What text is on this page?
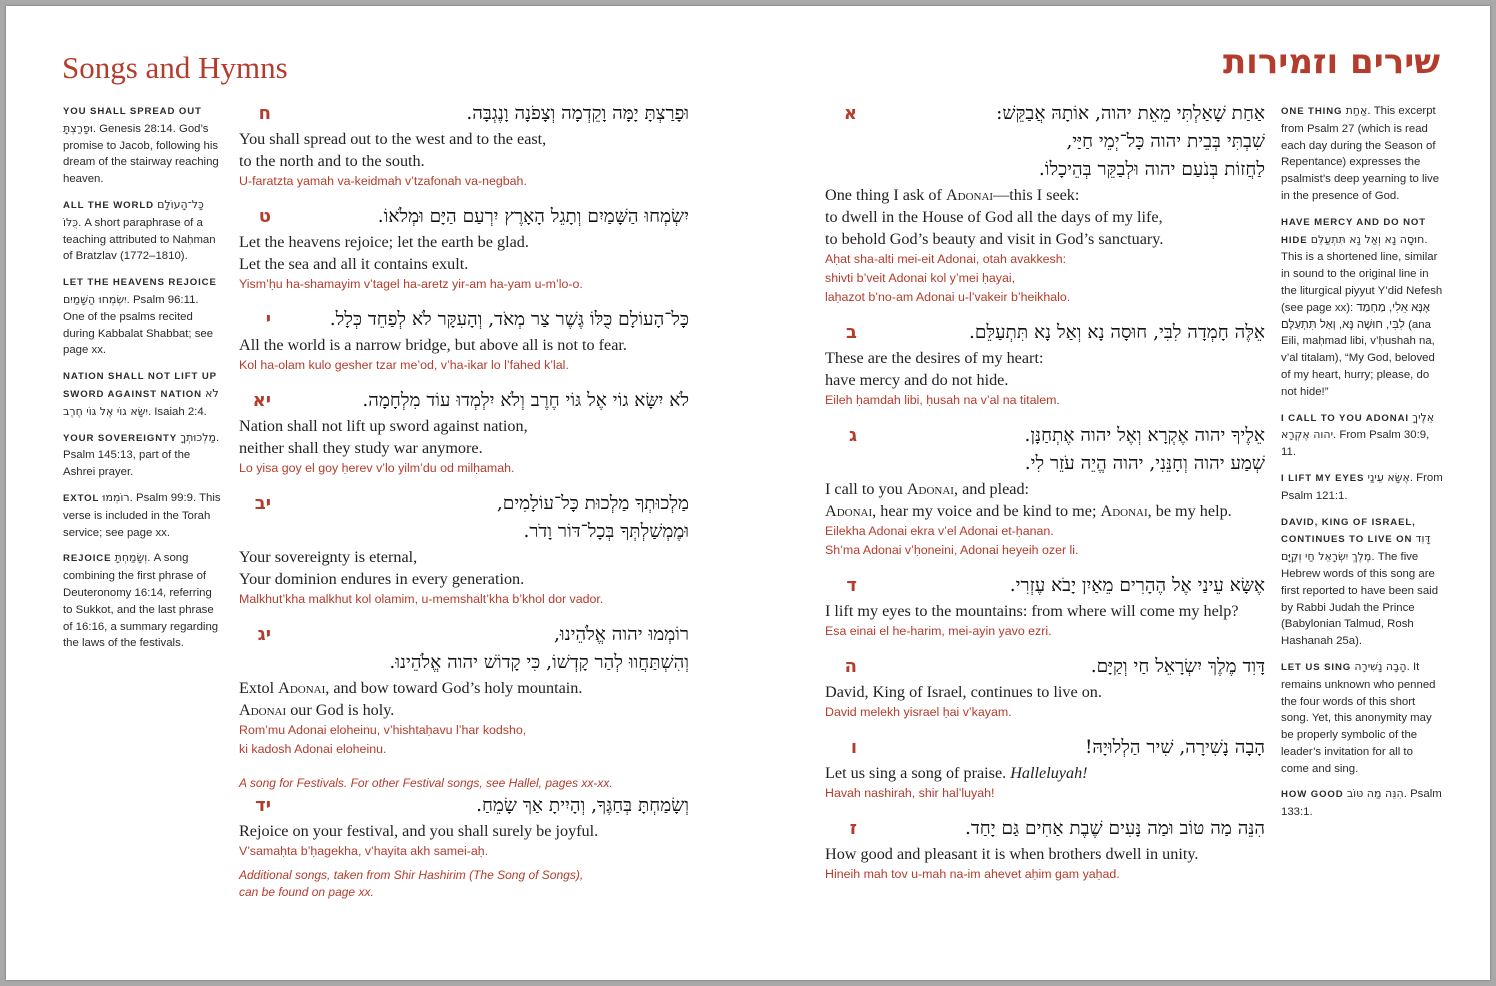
Songs and Hymns

YOU SHALL SPREAD OUT וּפָרַצְתָּ. Genesis 28:14. God’s promise to Jacob, following his dream of the stairway reaching heaven.

ALL THE WORLD כָּל־הָעוֹלָם כֻּלּוֹ. A short paraphrase of a teaching attributed to Naḥman of Bratzlav (1772–1810).

LET THE HEAVENS REJOICE יִשְׂמְחוּ הַשָּׁמַיִם. Psalm 96:11. One of the psalms recited during Kabbalat Shabbat; see page xx.

NATION SHALL NOT LIFT UP SWORD AGAINST NATION לֹא יִשָּׂא גוֹי אֶל גּוֹי חֶרֶב. Isaiah 2:4.

YOUR SOVEREIGNTY מַלְכוּתְךָ. Psalm 145:13, part of the Ashrei prayer.

EXTOL רוֹמְמוּ. Psalm 99:9. This verse is included in the Torah service; see page xx.

REJOICE וְשָׂמַחְתָּ. A song combining the first phrase of Deuteronomy 16:14, referring to Sukkot, and the last phrase of 16:16, a summary regarding the laws of the festivals.

ח	וּפָרַצְתָּ יָמָּה וָקֵדְמָה וְצָפֹנָה וָנֶגְבָּה.
You shall spread out to the west and to the east,
to the north and to the south.
U-faratzta yamah va-keidmah v’tzafonah va-negbah.
ט	יִשְׂמְחוּ הַשָּׁמַיִם וְתָגֵל הָאָרֶץ יִרְעַם הַיָּם וּמְלֹאוֹ.
Let the heavens rejoice; let the earth be glad.
Let the sea and all it contains exult.
Yism’ḥu ha-shamayim v’tagel ha-aretz yir-am ha-yam u-m’lo-o.
י	כָּל־הָעוֹלָם כֻּלּוֹ גֶּשֶׁר צַר מְאֹד, וְהָעִקָּר לֹא לְפַחֵד כְּלָל.
All the world is a narrow bridge, but above all is not to fear.
Kol ha-olam kulo gesher tzar me’od, v’ha-ikar lo l’fahed k’lal.
יא	לֹא יִשָּׂא גוֹי אֶל גּוֹי חֶרֶב וְלֹא יִלְמְדוּ עוֹד מִלְחָמָה.
Nation shall not lift up sword against nation,
neither shall they study war anymore.
Lo yisa goy el goy ḥerev v’lo yilm’du od milḥamah.
יב	מַלְכוּתְךָ מַלְכוּת כָּל־עוֹלָמִים,
וּמֶמְשַׁלְתְּךָ בְּכָל־דּוֹר וָדֹר.
Your sovereignty is eternal,
Your dominion endures in every generation.
Malkhut’kha malkhut kol olamim, u-memshalt’kha b’khol dor vador.
יג	רוֹמְמוּ יהוה אֱלֹהֵינוּ,
וְהִשְׁתַּחֲווּ לְהַר קָדְשׁוֹ, כִּי קָדוֹשׁ יהוה אֱלֹהֵינוּ.
Extol Adonai, and bow toward God’s holy mountain.
Adonai our God is holy.
Rom’mu Adonai eloheinu, v’hishtaḥavu l’har kodsho,
ki kadosh Adonai eloheinu.
A song for Festivals. For other Festival songs, see Hallel, pages xx-xx.
יד	וְשָׂמַחְתָּ בְּחַגֶּךָ, וְהָיִיתָ אַךְ שָׂמֵחַ.
Rejoice on your festival, and you shall surely be joyful.
V’samaḥta b’ḥagekha, v’hayita akh samei-aḥ.
Additional songs, taken from Shir Hashirim (The Song of Songs),
can be found on page xx.
שירים וזמירות
א	אַחַת שָׁאַלְתִּי מֵאֵת יהוה, אוֹתָהּ אֲבַקֵּשׁ:
שִׁבְתִּי בְּבֵית יהוה כָּל־יְמֵי חַיַּי,
לַחֲזוֹת בְּנֹעַם יהוה וּלְבַקֵּר בְּהֵיכָלוֹ.
One thing I ask of Adonai—this I seek:
to dwell in the House of God all the days of my life,
to behold God’s beauty and visit in God’s sanctuary.
Aḥat sha-alti mei-eit Adonai, otah avakkesh:
shivti b’veit Adonai kol y’mei ḥayai,
laḥazot b’no-am Adonai u-l’vakeir b’heikhalo.
ב	אֵלֶּה חָמְדָה לִבִּי, חוּסָה נָא וְאַל נָא תִּתְעַלֵּם.
These are the desires of my heart:
have mercy and do not hide.
Eileh ḥamdah libi, ḥusah na v’al na titalem.
ג	אֵלֶיךָ יהוה אֶקְרָא וְאֶל יהוה אֶתְחַנָּן.
שְׁמַע יהוה וְחָנֵּנִי, יהוה הֱיֵה עֹזֵר לִי.
I call to you Adonai, and plead:
Adonai, hear my voice and be kind to me; Adonai, be my help.
Eilekha Adonai ekra v’el Adonai et-ḥanan.
Sh’ma Adonai v’ḥoneini, Adonai heyeih ozer li.
ד	אֶשָּׂא עֵינַי אֶל הֶהָרִים מֵאַיִן יָבֹא עֶזְרִי.
I lift my eyes to the mountains: from where will come my help?
Esa einai el he-harim, mei-ayin yavo ezri.
ה	דָּוִד מֶלֶךְ יִשְׂרָאֵל חַי וְקַיָּם.
David, King of Israel, continues to live on.
David melekh yisrael ḥai v’kayam.
ו	הָבָה נָשִׁירָה, שִׁיר הַלְלוּיָהּ!
Let us sing a song of praise. Halleluyah!
Havah nashirah, shir hal’luyah!
ז	הִנֵּה מַה טּוֹב וּמַה נָּעִים שֶׁבֶת אַחִים גַּם יָחַד.
How good and pleasant it is when brothers dwell in unity.
Hineih mah tov u-mah na-im ahevet aḥim gam yaḥad.

ONE THING אַחַת. This excerpt from Psalm 27 (which is read each day during the Season of Repentance) expresses the psalmist’s deep yearning to live in the presence of God.

HAVE MERCY AND DO NOT HIDE חוּסָה נָא וְאַל נָא תִּתְעַלֵּם. This is a shortened line, similar in sound to the original line in the liturgical piyyut Y’did Nefesh (see page xx): אָנָּא אֵלִי, מַחְמַד לִבִּי, חוּשָׁה נָּא, וְאַל תִּתְעַלָּם (ana Eili, maḥmad libi, v’ḥushah na, v’al titalam), “My God, beloved of my heart, hurry; please, do not hide!”

I CALL TO YOU ADONAI אֵלֶיךָ יהוה אֶקְרָא. From Psalm 30:9, 11.

I LIFT MY EYES אֶשָּׂא עֵינַי. From Psalm 121:1.

DAVID, KING OF ISRAEL, CONTINUES TO LIVE ON דָּוִד מֶלֶךְ יִשְׂרָאֵל חַי וְקַיָּם. The five Hebrew words of this song are first reported to have been said by Rabbi Judah the Prince (Babylonian Talmud, Rosh Hashanah 25a).

LET US SING הָבָה נָשִׁירָה. It remains unknown who penned the four words of this short song. Yet, this anonymity may be properly symbolic of the leader’s invitation for all to come and sing.

HOW GOOD הִנֵּה מַה טּוֹב. Psalm 133:1.
